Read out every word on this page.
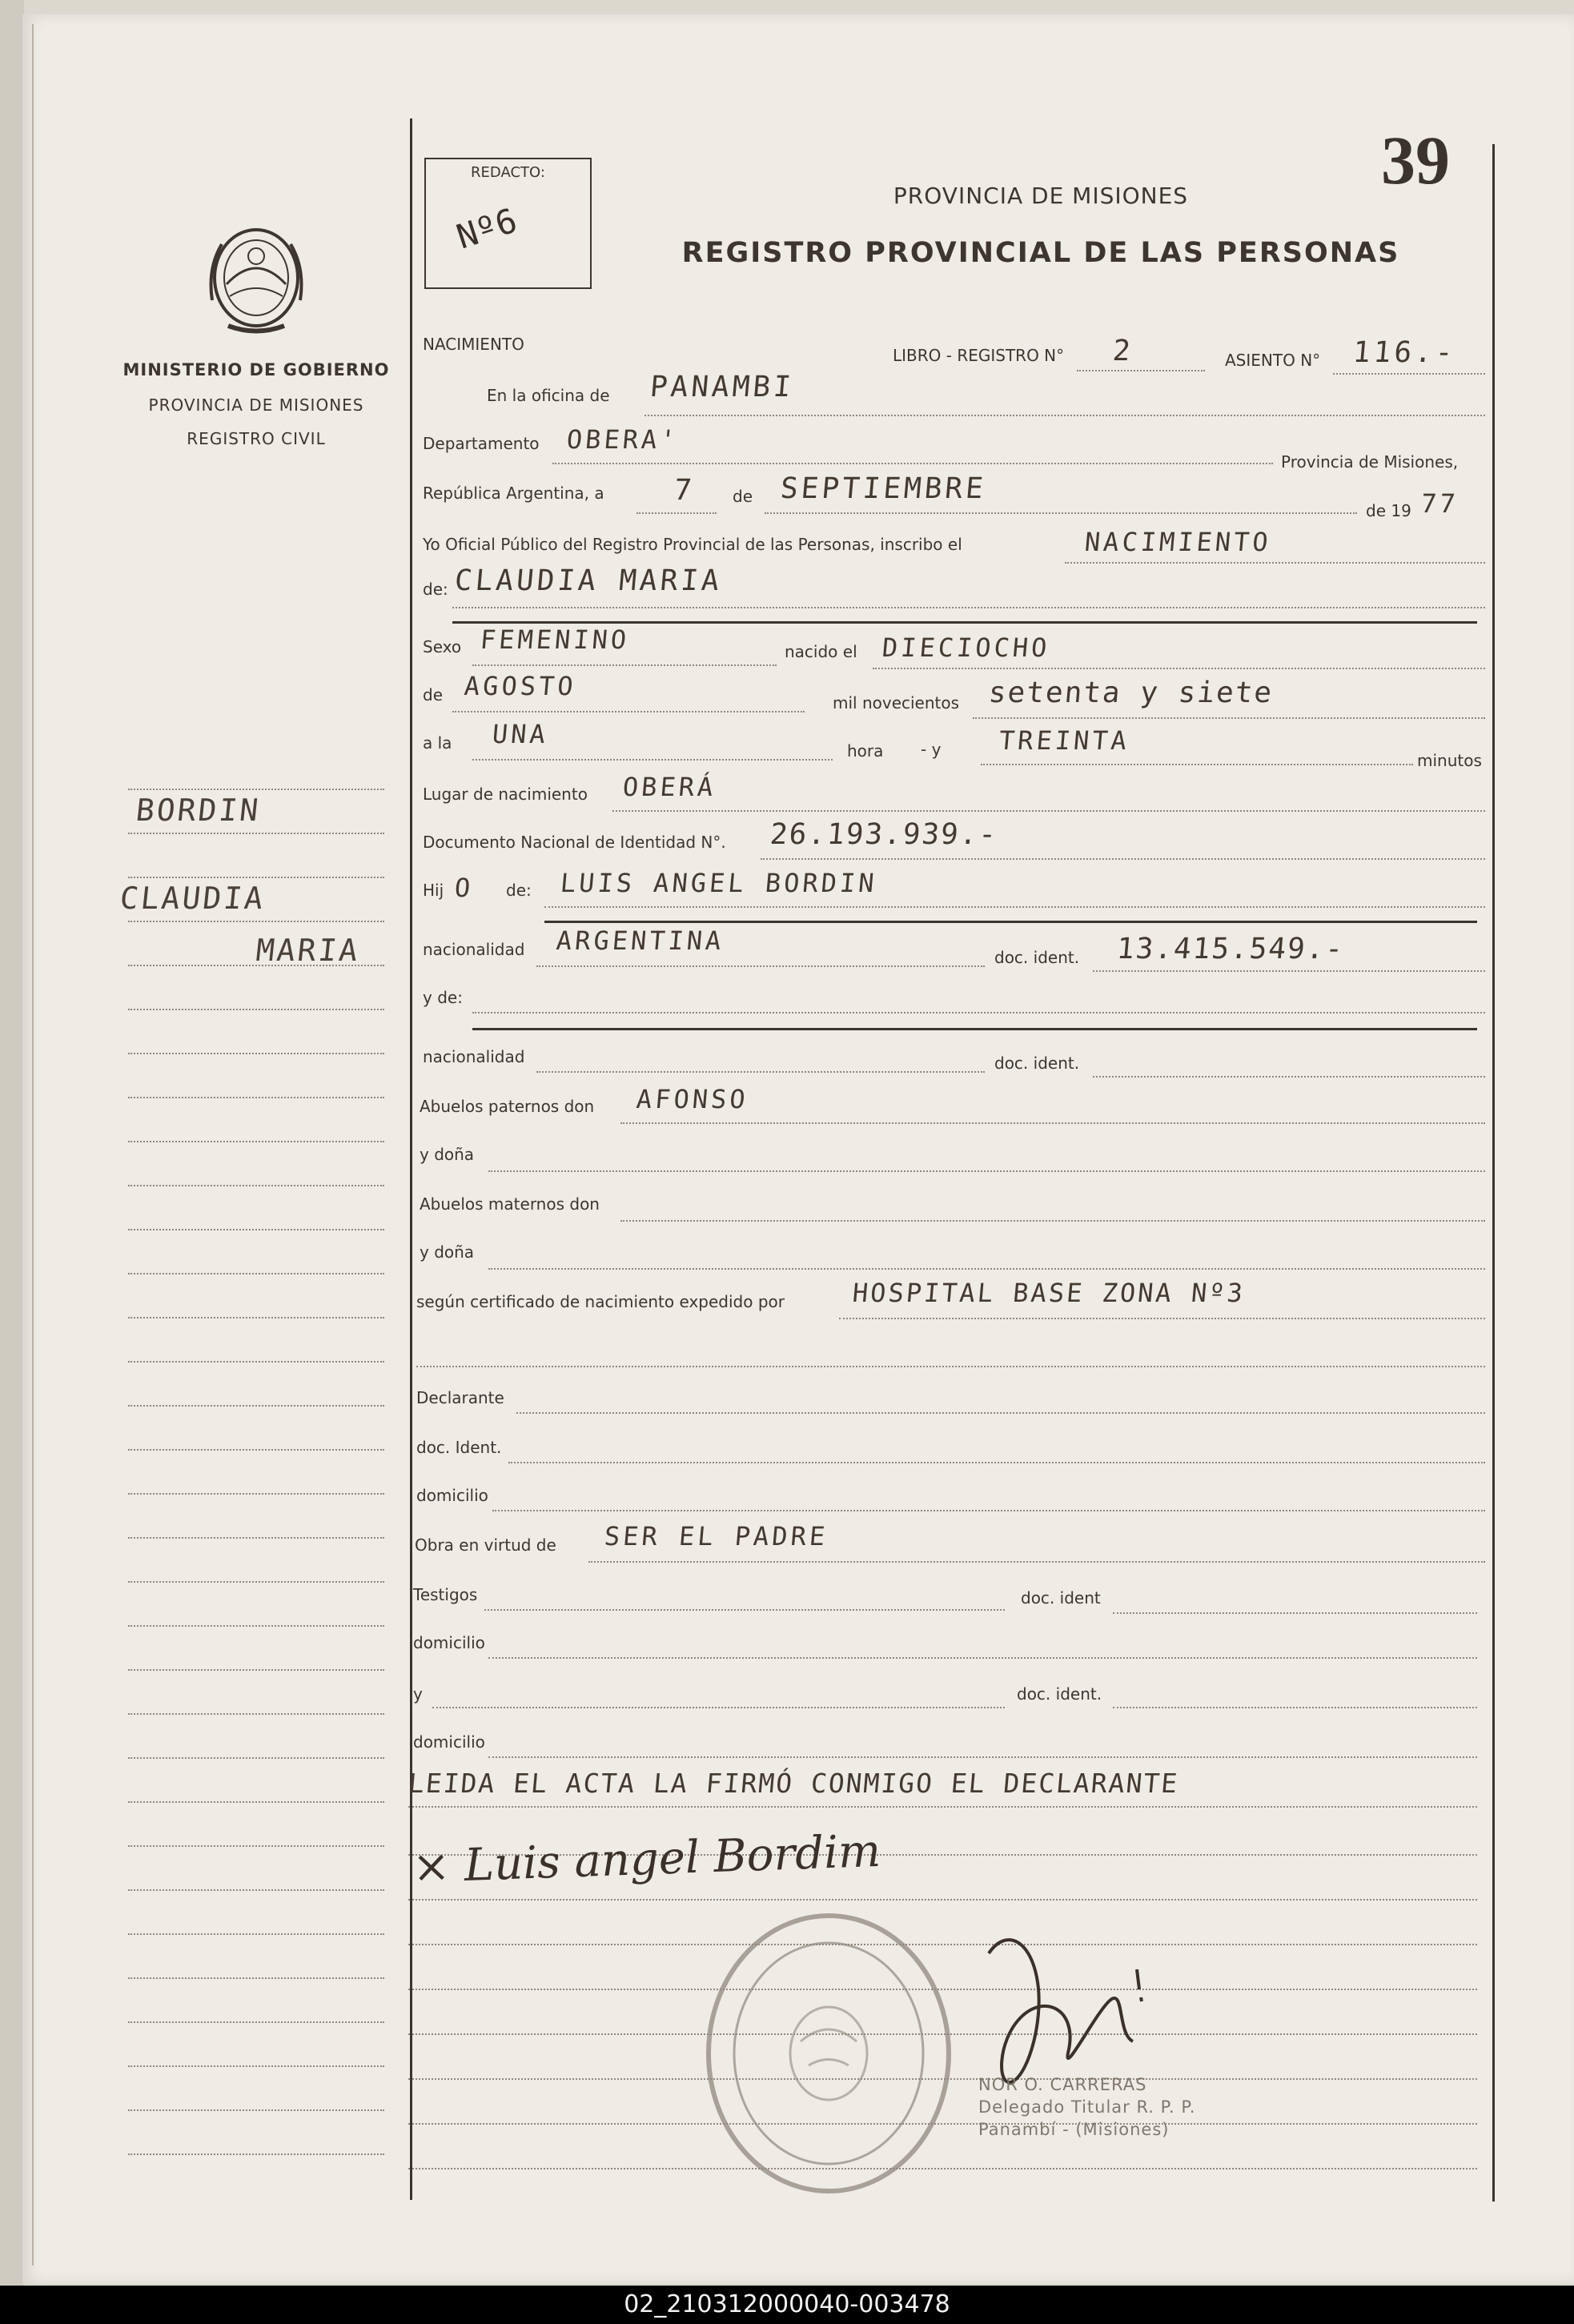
MINISTERIO DE GOBIERNO
PROVINCIA DE MISIONES
REGISTRO CIVIL
BORDIN
CLAUDIA
MARIA
REDACTO:
Nº6
39
PROVINCIA DE MISIONES
REGISTRO PROVINCIAL DE LAS PERSONAS
NACIMIENTO
LIBRO - REGISTRO N° 2	ASIENTO N° 116.-
En la oficina de PANAMBI
Departamento OBERA'
Provincia de Misiones,
República Argentina, a 7 de SEPTIEMBRE
de 19 77
Yo Oficial Público del Registro Provincial de las Personas, inscribo el	NACIMIENTO
de: CLAUDIA MARIA
Sexo FEMENINO	nacido el DIECIOCHO
de AGOSTO
mil novecientos setenta y siete
a la UNA
hora - y TREINTA
minutos
Lugar de nacimiento OBERÁ
Documento Nacional de Identidad N°. 26.193.939.-
Hij O de: LUIS ANGEL BORDIN
nacionalidad ARGENTINA
doc. ident. 13.415.549.-
y de:
nacionalidad	doc. ident.
Abuelos paternos don AFONSO
y doña
Abuelos maternos don
y doña
según certificado de nacimiento expedido por	HOSPITAL BASE ZONA Nº3
Declarante
doc. Ident.
domicilio
Obra en virtud de SER EL PADRE
Testigos	doc. ident
domicilio
y	doc. ident.
domicilio
LEIDA EL ACTA LA FIRMÓ CONMIGO EL DECLARANTE
× Luis angel Bordim
NOR O. CARRERAS
Delegado Titular R. P. P.
Panambí - (Misiones)
02_210312000040-003478
